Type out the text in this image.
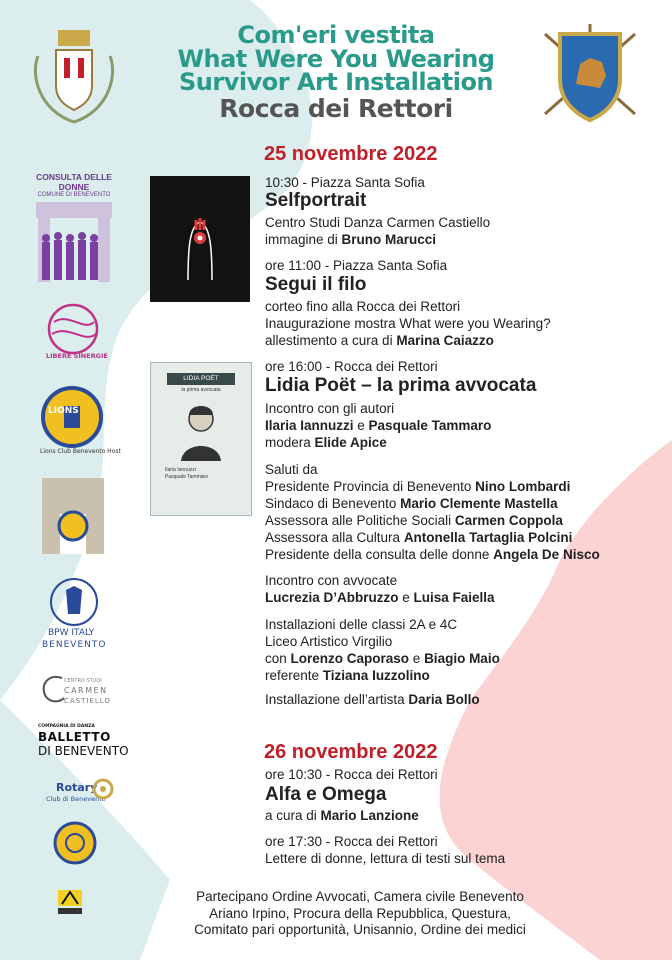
Com'eri vestita
What Were You Wearing
Survivor Art Installation
Rocca dei Rettori
CONSULTA DELLE DONNE
COMUNE DI BENEVENTO
LIBERE SINERGIE
LIONS
Lions Club Benevento Host
BPW ITALY
BENEVENTO
CENTRO STUDI
CARMEN
CASTIELLO
COMPAGNIA DI DANZA
BALLETTO
DI BENEVENTO
Rotary
Club di Benevento
LIDIA POËT
la prima avvocata
Ilaria Iannuzzi
Pasquale Tammaro
25 novembre 2022
10:30 - Piazza Santa Sofia
Selfportrait
Centro Studi Danza Carmen Castiello
immagine di Bruno Marucci
ore 11:00 - Piazza Santa Sofia
Segui il filo
corteo fino alla Rocca dei Rettori
Inaugurazione mostra What were you Wearing?
allestimento a cura di Marina Caiazzo
ore 16:00 - Rocca dei Rettori
Lidia Poët – la prima avvocata
Incontro con gli autori
Ilaria Iannuzzi e Pasquale Tammaro
modera Elide Apice
Saluti da
Presidente Provincia di Benevento Nino Lombardi
Sindaco di Benevento Mario Clemente Mastella
Assessora alle Politiche Sociali Carmen Coppola
Assessora alla Cultura Antonella Tartaglia Polcini
Presidente della consulta delle donne Angela De Nisco
Incontro con avvocate
Lucrezia D’Abbruzzo e Luisa Faiella
Installazioni delle classi 2A e 4C
Liceo Artistico Virgilio
con Lorenzo Caporaso e Biagio Maio
referente Tiziana Iuzzolino
Installazione dell’artista Daria Bollo
26 novembre 2022
ore 10:30 - Rocca dei Rettori
Alfa e Omega
a cura di Mario Lanzione
ore 17:30 - Rocca dei Rettori
Lettere di donne, lettura di testi sul tema
Partecipano Ordine Avvocati, Camera civile Benevento
Ariano Irpino, Procura della Repubblica, Questura,
Comitato pari opportunità, Unisannio, Ordine dei medici
